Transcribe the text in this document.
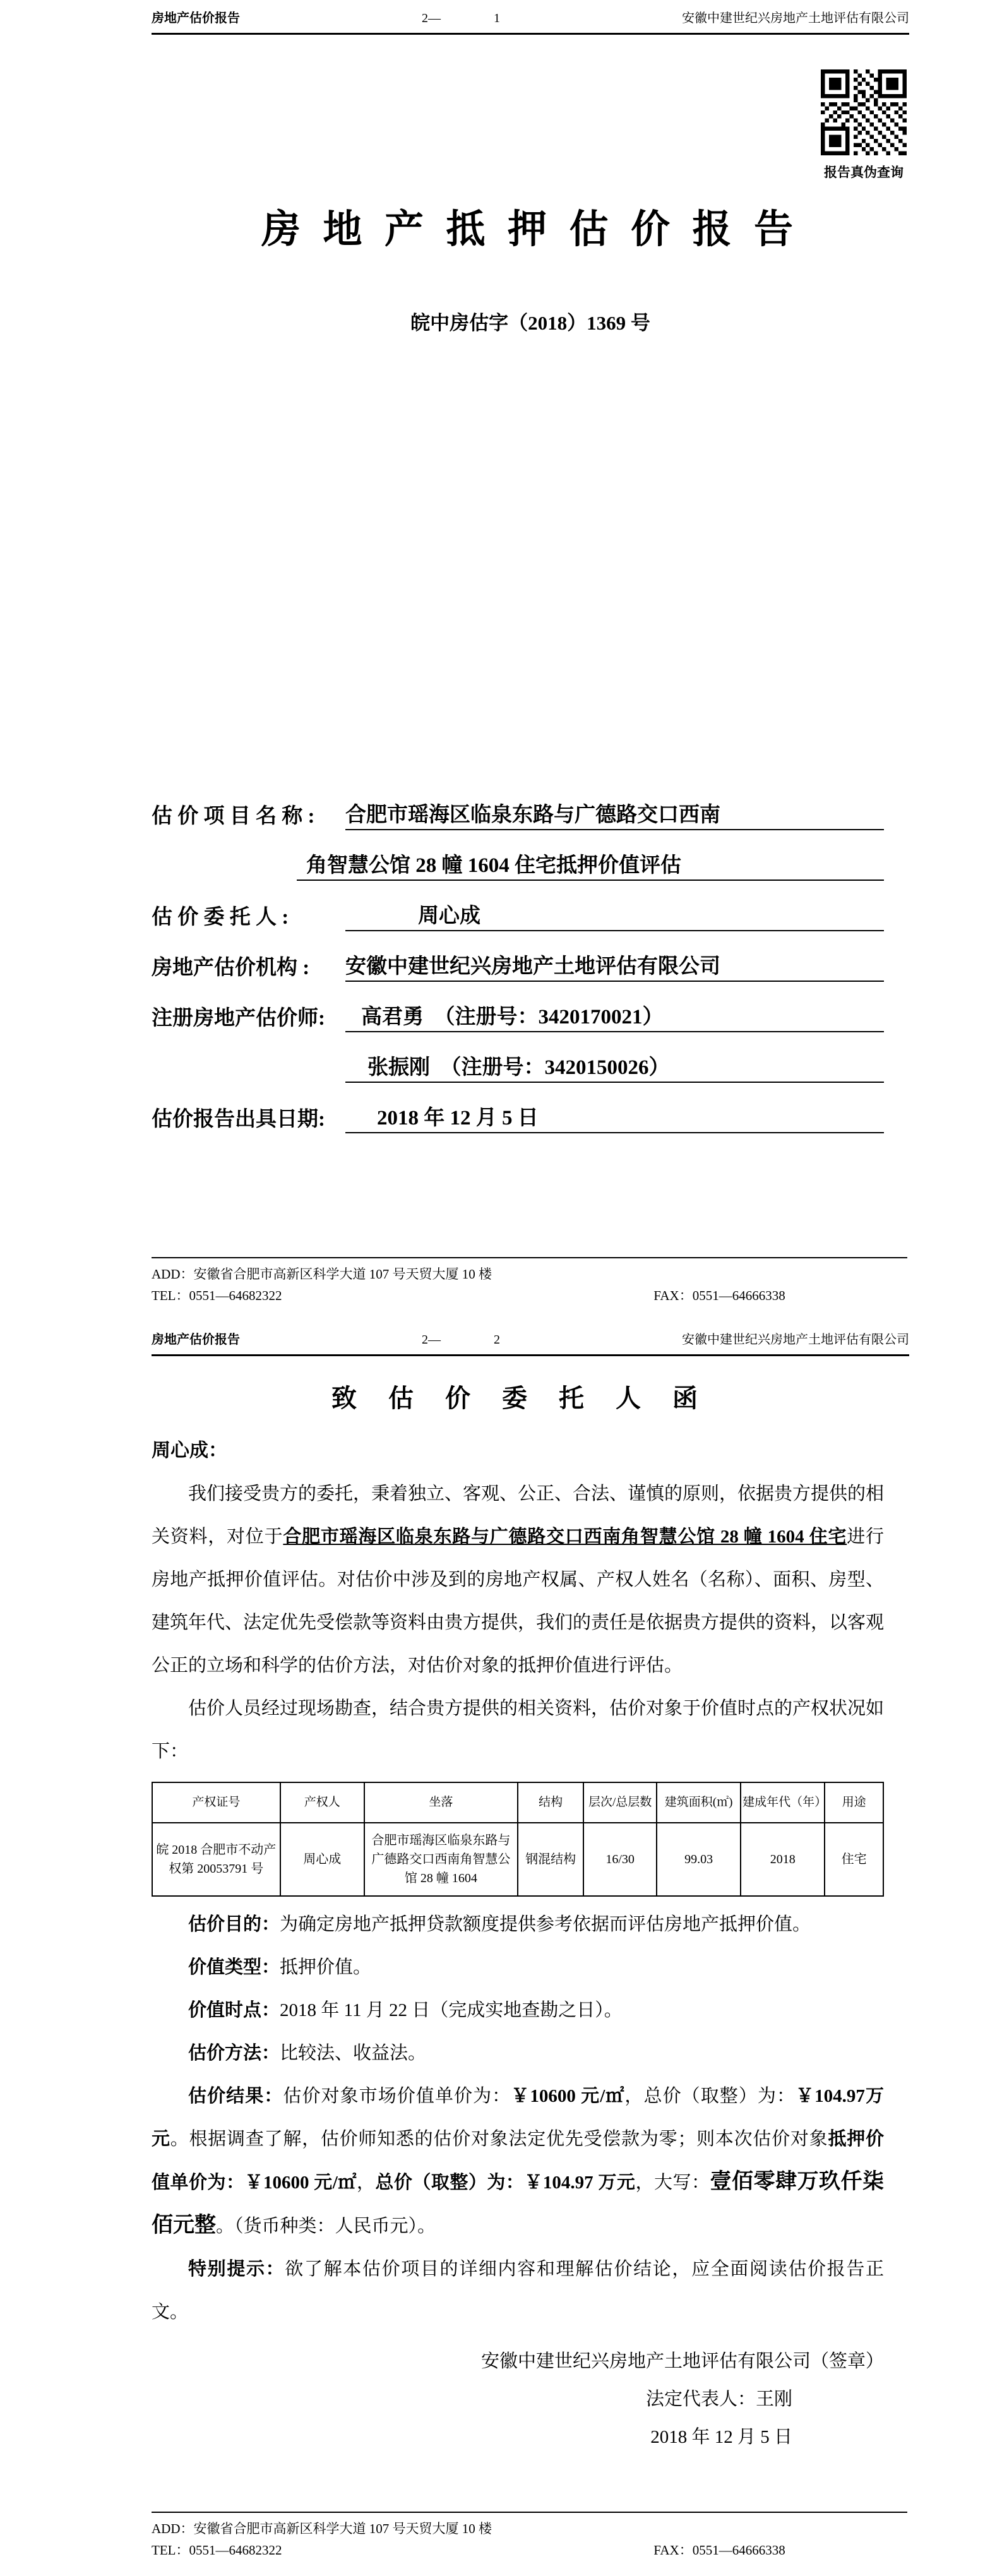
房地产估价报告	2—	1	安徽中建世纪兴房地产土地评估有限公司
报告真伪查询
房 地 产 抵 押 估 价 报 告
皖中房估字（2018）1369 号
估 价 项 目 名 称 :	合肥市瑶海区临泉东路与广德路交口西南
角智慧公馆 28 幢 1604 住宅抵押价值评估
估 价 委 托 人 :	周心成
房地产估价机构 :	安徽中建世纪兴房地产土地评估有限公司
注册房地产估价师:	高君勇　（注册号：3420170021）
张振刚　（注册号：3420150026）
估价报告出具日期:	2018 年 12 月 5 日
ADD：安徽省合肥市高新区科学大道 107 号天贸大厦 10 楼
TEL：0551—64682322	FAX：0551—64666338
房地产估价报告	2—	2	安徽中建世纪兴房地产土地评估有限公司
致  估  价  委  托  人  函

周心成：

我们接受贵方的委托，秉着独立、客观、公正、合法、谨慎的原则，依据贵方提供的相关资料，对位于合肥市瑶海区临泉东路与广德路交口西南角智慧公馆 28 幢 1604 住宅进行房地产抵押价值评估。对估价中涉及到的房地产权属、产权人姓名（名称）、面积、房型、建筑年代、法定优先受偿款等资料由贵方提供，我们的责任是依据贵方提供的资料，以客观公正的立场和科学的估价方法，对估价对象的抵押价值进行评估。

估价人员经过现场勘查，结合贵方提供的相关资料，估价对象于价值时点的产权状况如下：

产权证号	产权人	坐落	结构	层次/总层数	建筑面积(㎡)	建成年代（年）	用途
皖 2018 合肥市不动产权第 20053791 号	周心成	合肥市瑶海区临泉东路与广德路交口西南角智慧公馆 28 幢 1604	钢混结构	16/30	99.03	2018	住宅

估价目的：为确定房地产抵押贷款额度提供参考依据而评估房地产抵押价值。

价值类型：抵押价值。

价值时点：2018 年 11 月 22 日（完成实地查勘之日）。

估价方法：比较法、收益法。

估价结果：估价对象市场价值单价为：￥10600 元/㎡，总价（取整）为：￥104.97万元。根据调查了解，估价师知悉的估价对象法定优先受偿款为零；则本次估价对象抵押价值单价为：￥10600 元/㎡，总价（取整）为：￥104.97 万元，大写：壹佰零肆万玖仟柒佰元整。（货币种类：人民币元）。

特别提示：欲了解本估价项目的详细内容和理解估价结论，应全面阅读估价报告正文。

安徽中建世纪兴房地产土地评估有限公司（签章）
法定代表人：王刚
2018 年 12 月 5 日
ADD：安徽省合肥市高新区科学大道 107 号天贸大厦 10 楼
TEL：0551—64682322	FAX：0551—64666338
